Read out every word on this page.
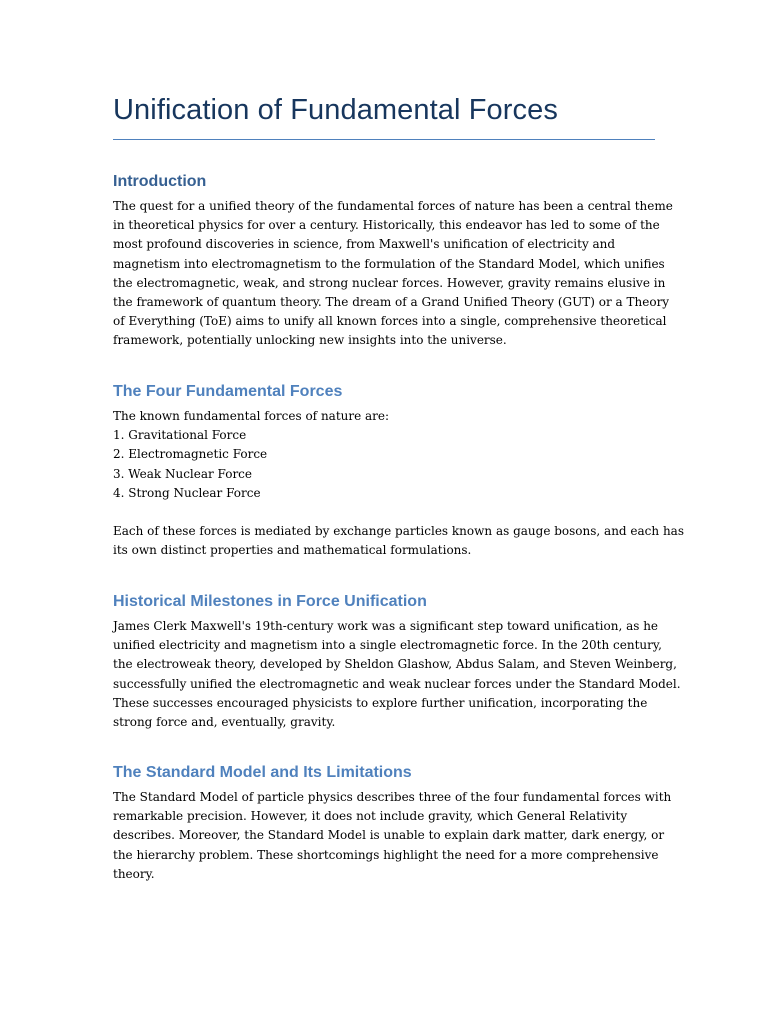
Unification of Fundamental Forces
Introduction

The quest for a unified theory of the fundamental forces of nature has been a central theme
in theoretical physics for over a century. Historically, this endeavor has led to some of the
most profound discoveries in science, from Maxwell's unification of electricity and
magnetism into electromagnetism to the formulation of the Standard Model, which unifies
the electromagnetic, weak, and strong nuclear forces. However, gravity remains elusive in
the framework of quantum theory. The dream of a Grand Unified Theory (GUT) or a Theory
of Everything (ToE) aims to unify all known forces into a single, comprehensive theoretical
framework, potentially unlocking new insights into the universe.

The Four Fundamental Forces

The known fundamental forces of nature are:

1. Gravitational Force
2. Electromagnetic Force
3. Weak Nuclear Force
4. Strong Nuclear Force

Each of these forces is mediated by exchange particles known as gauge bosons, and each has
its own distinct properties and mathematical formulations.

Historical Milestones in Force Unification

James Clerk Maxwell's 19th-century work was a significant step toward unification, as he
unified electricity and magnetism into a single electromagnetic force. In the 20th century,
the electroweak theory, developed by Sheldon Glashow, Abdus Salam, and Steven Weinberg,
successfully unified the electromagnetic and weak nuclear forces under the Standard Model.
These successes encouraged physicists to explore further unification, incorporating the
strong force and, eventually, gravity.

The Standard Model and Its Limitations

The Standard Model of particle physics describes three of the four fundamental forces with
remarkable precision. However, it does not include gravity, which General Relativity
describes. Moreover, the Standard Model is unable to explain dark matter, dark energy, or
the hierarchy problem. These shortcomings highlight the need for a more comprehensive
theory.
